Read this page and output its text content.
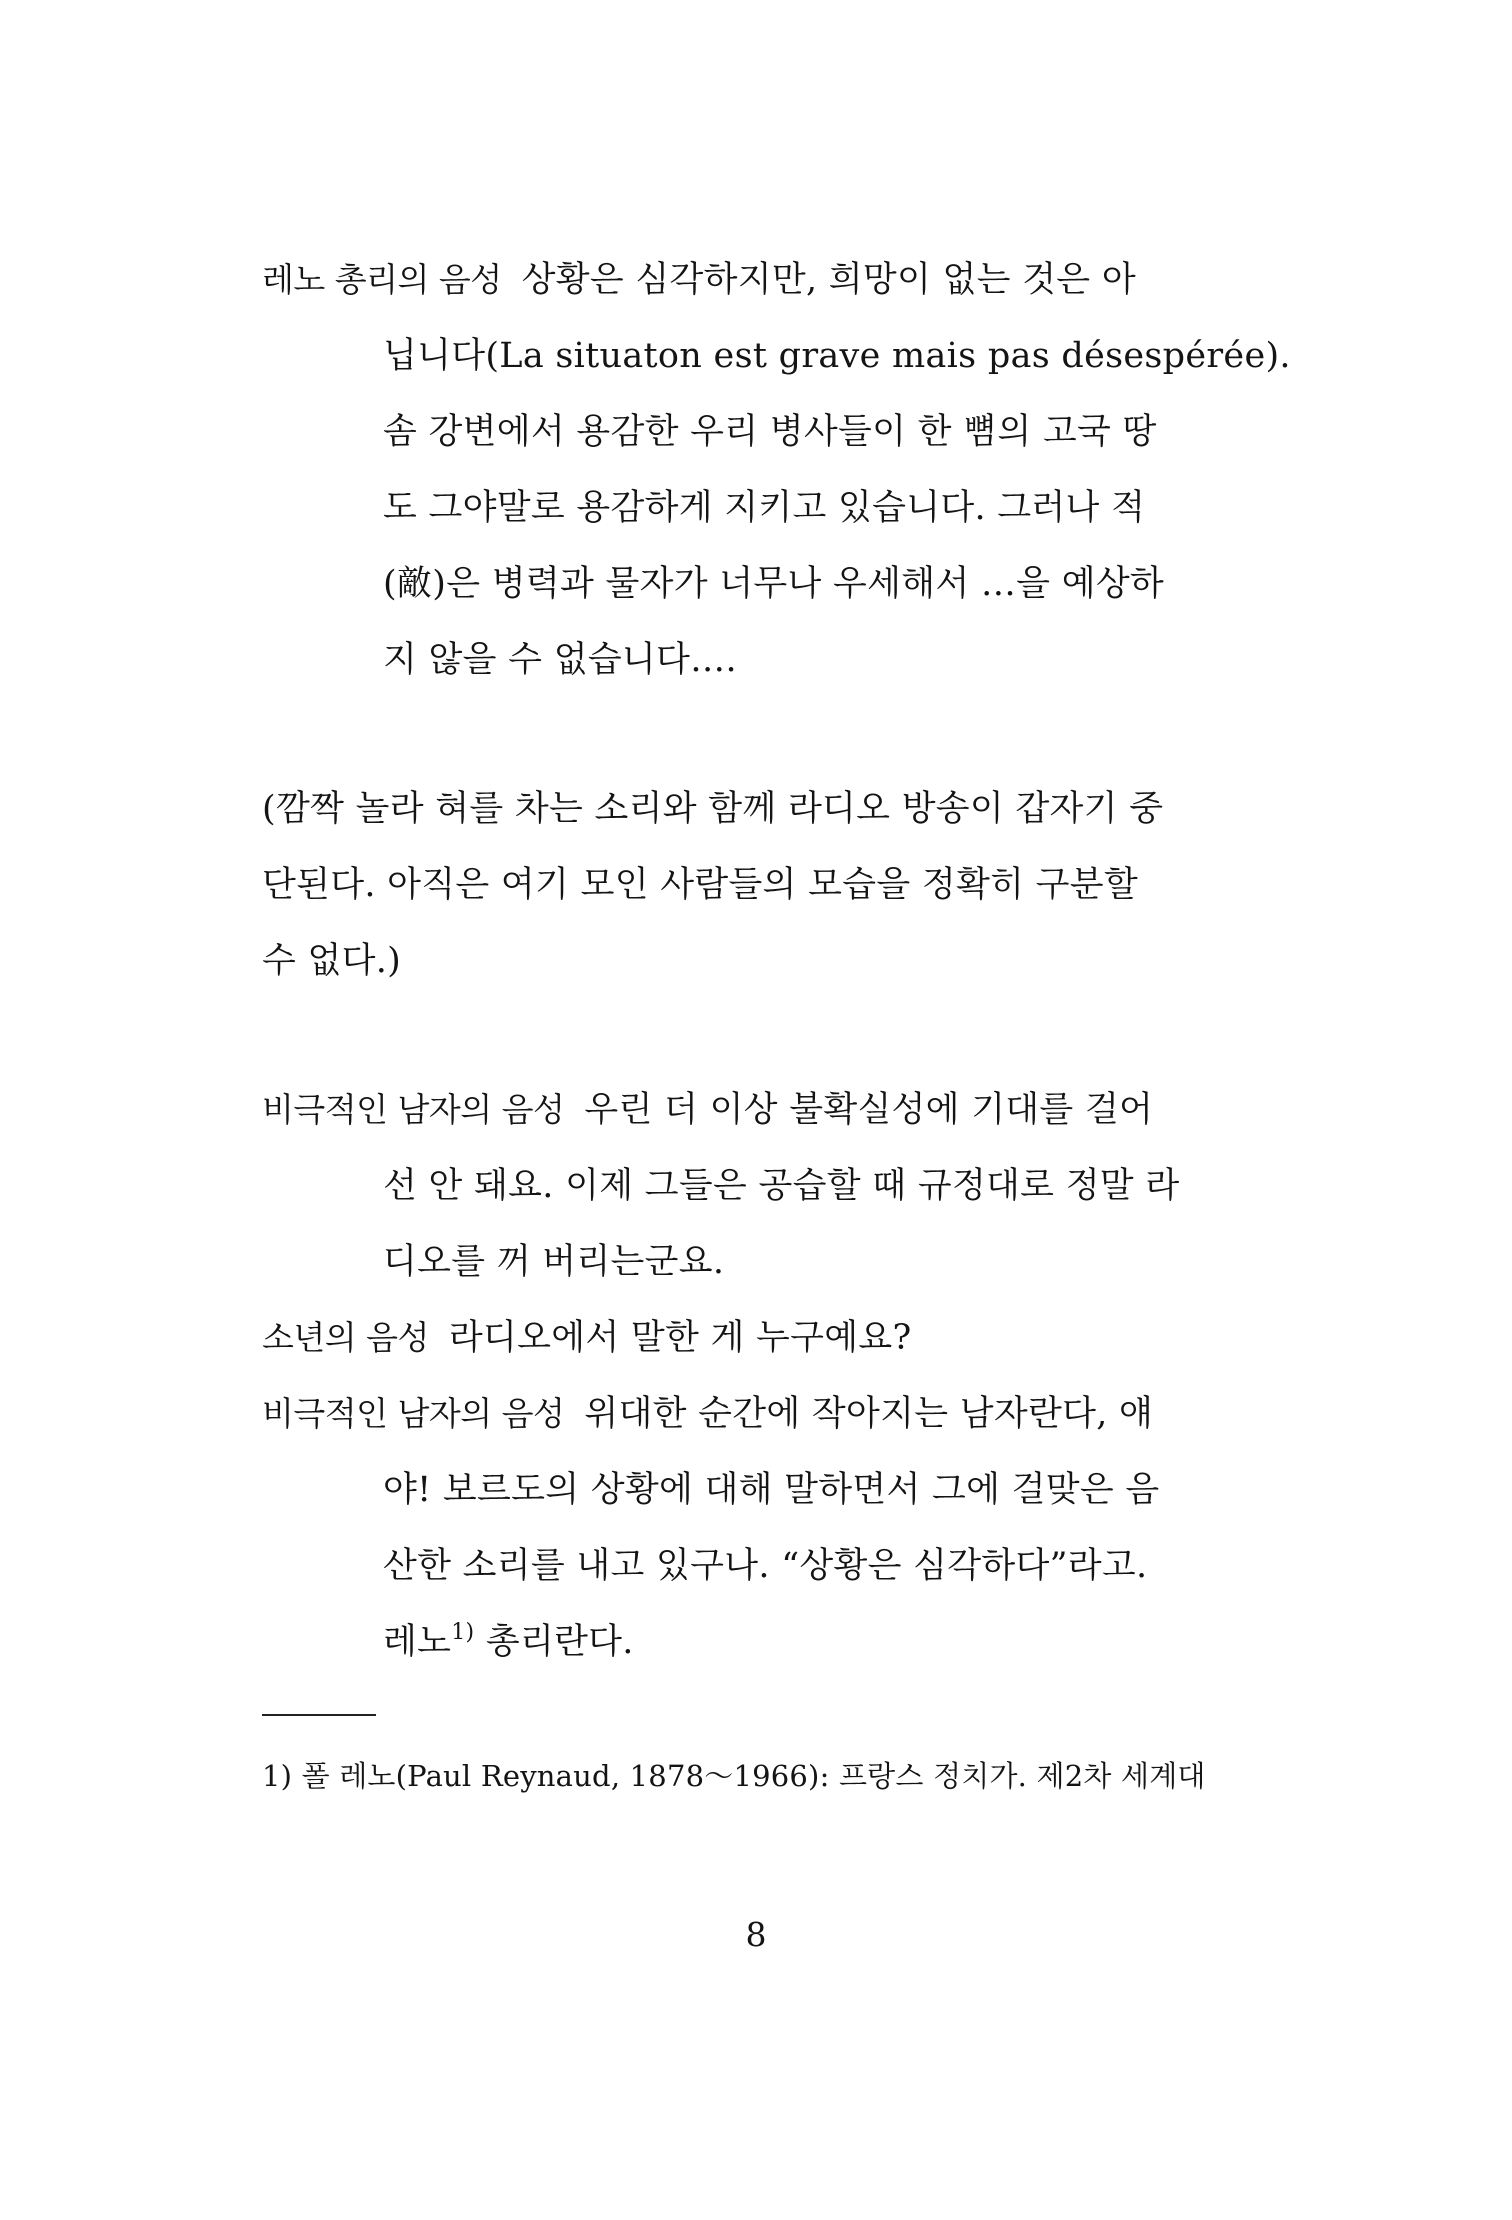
레노 총리의 음성 상황은 심각하지만, 희망이 없는 것은 아
닙니다(La situaton est grave mais pas désespérée).
솜 강변에서 용감한 우리 병사들이 한 뼘의 고국 땅
도 그야말로 용감하게 지키고 있습니다. 그러나 적
(敵)은 병력과 물자가 너무나 우세해서 …을 예상하
지 않을 수 없습니다….
(깜짝 놀라 혀를 차는 소리와 함께 라디오 방송이 갑자기 중
단된다. 아직은 여기 모인 사람들의 모습을 정확히 구분할
수 없다.)
비극적인 남자의 음성 우린 더 이상 불확실성에 기대를 걸어
선 안 돼요. 이제 그들은 공습할 때 규정대로 정말 라
디오를 꺼 버리는군요.
소년의 음성 라디오에서 말한 게 누구예요?
비극적인 남자의 음성 위대한 순간에 작아지는 남자란다, 얘
야! 보르도의 상황에 대해 말하면서 그에 걸맞은 음
산한 소리를 내고 있구나. “상황은 심각하다”라고.
레노$^{1)}$ 총리란다.
1) 폴 레노(Paul Reynaud, 1878～1966): 프랑스 정치가. 제2차 세계대
8
